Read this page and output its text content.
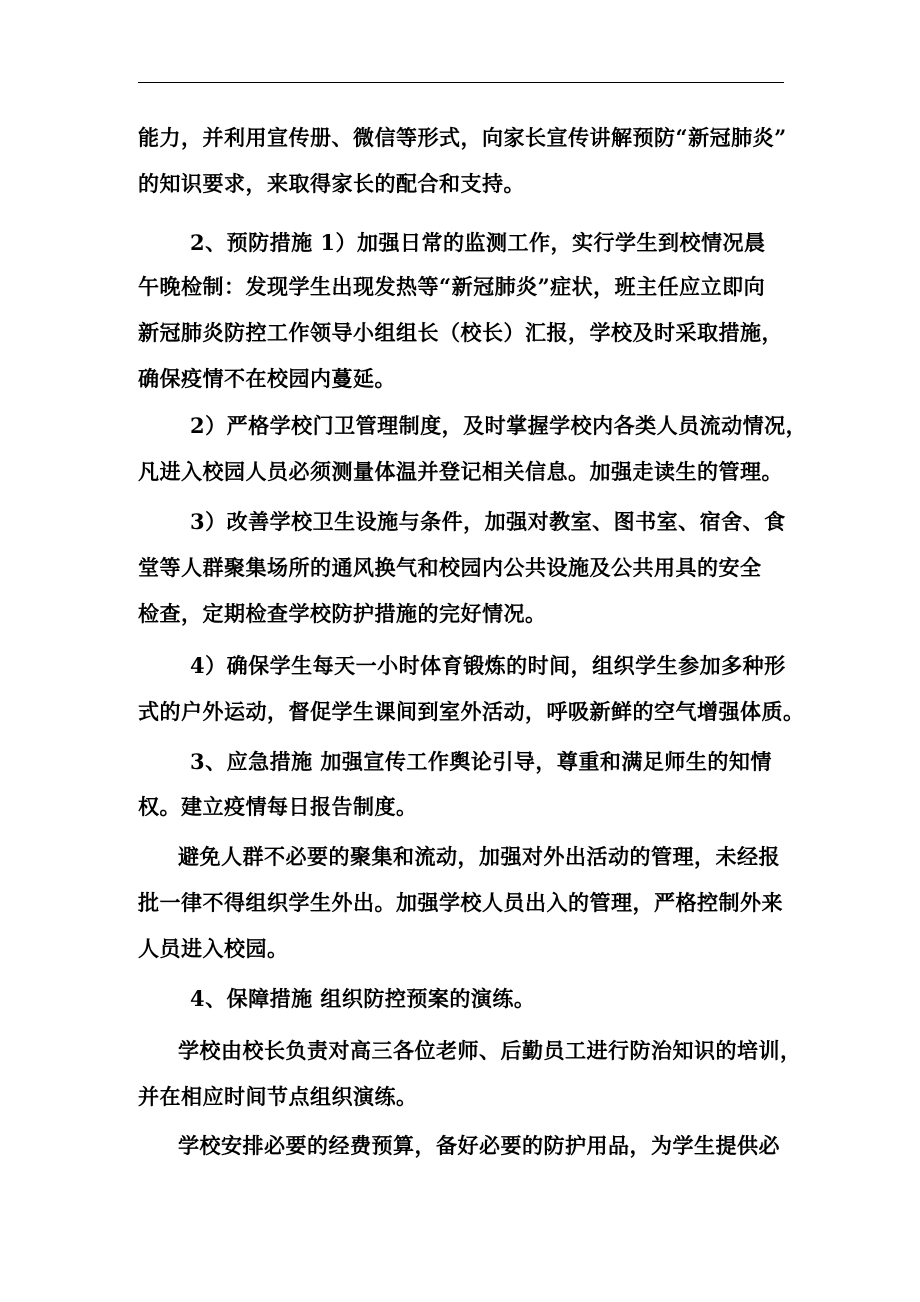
能力，并利用宣传册、微信等形式，向家长宣传讲解预防“新冠肺炎”

的知识要求，来取得家长的配合和支持。

2、预防措施 1）加强日常的监测工作，实行学生到校情况晨

午晚检制：发现学生出现发热等“新冠肺炎”症状，班主任应立即向

新冠肺炎防控工作领导小组组长（校长）汇报，学校及时采取措施，

确保疫情不在校园内蔓延。

2）严格学校门卫管理制度，及时掌握学校内各类人员流动情况，

凡进入校园人员必须测量体温并登记相关信息。加强走读生的管理。

3）改善学校卫生设施与条件，加强对教室、图书室、宿舍、食

堂等人群聚集场所的通风换气和校园内公共设施及公共用具的安全

检查，定期检查学校防护措施的完好情况。

4）确保学生每天一小时体育锻炼的时间，组织学生参加多种形

式的户外运动，督促学生课间到室外活动，呼吸新鲜的空气增强体质。

3、应急措施 加强宣传工作舆论引导，尊重和满足师生的知情

权。建立疫情每日报告制度。

避免人群不必要的聚集和流动，加强对外出活动的管理，未经报

批一律不得组织学生外出。加强学校人员出入的管理，严格控制外来

人员进入校园。

4、保障措施 组织防控预案的演练。

学校由校长负责对高三各位老师、后勤员工进行防治知识的培训，

并在相应时间节点组织演练。

学校安排必要的经费预算，备好必要的防护用品，为学生提供必
